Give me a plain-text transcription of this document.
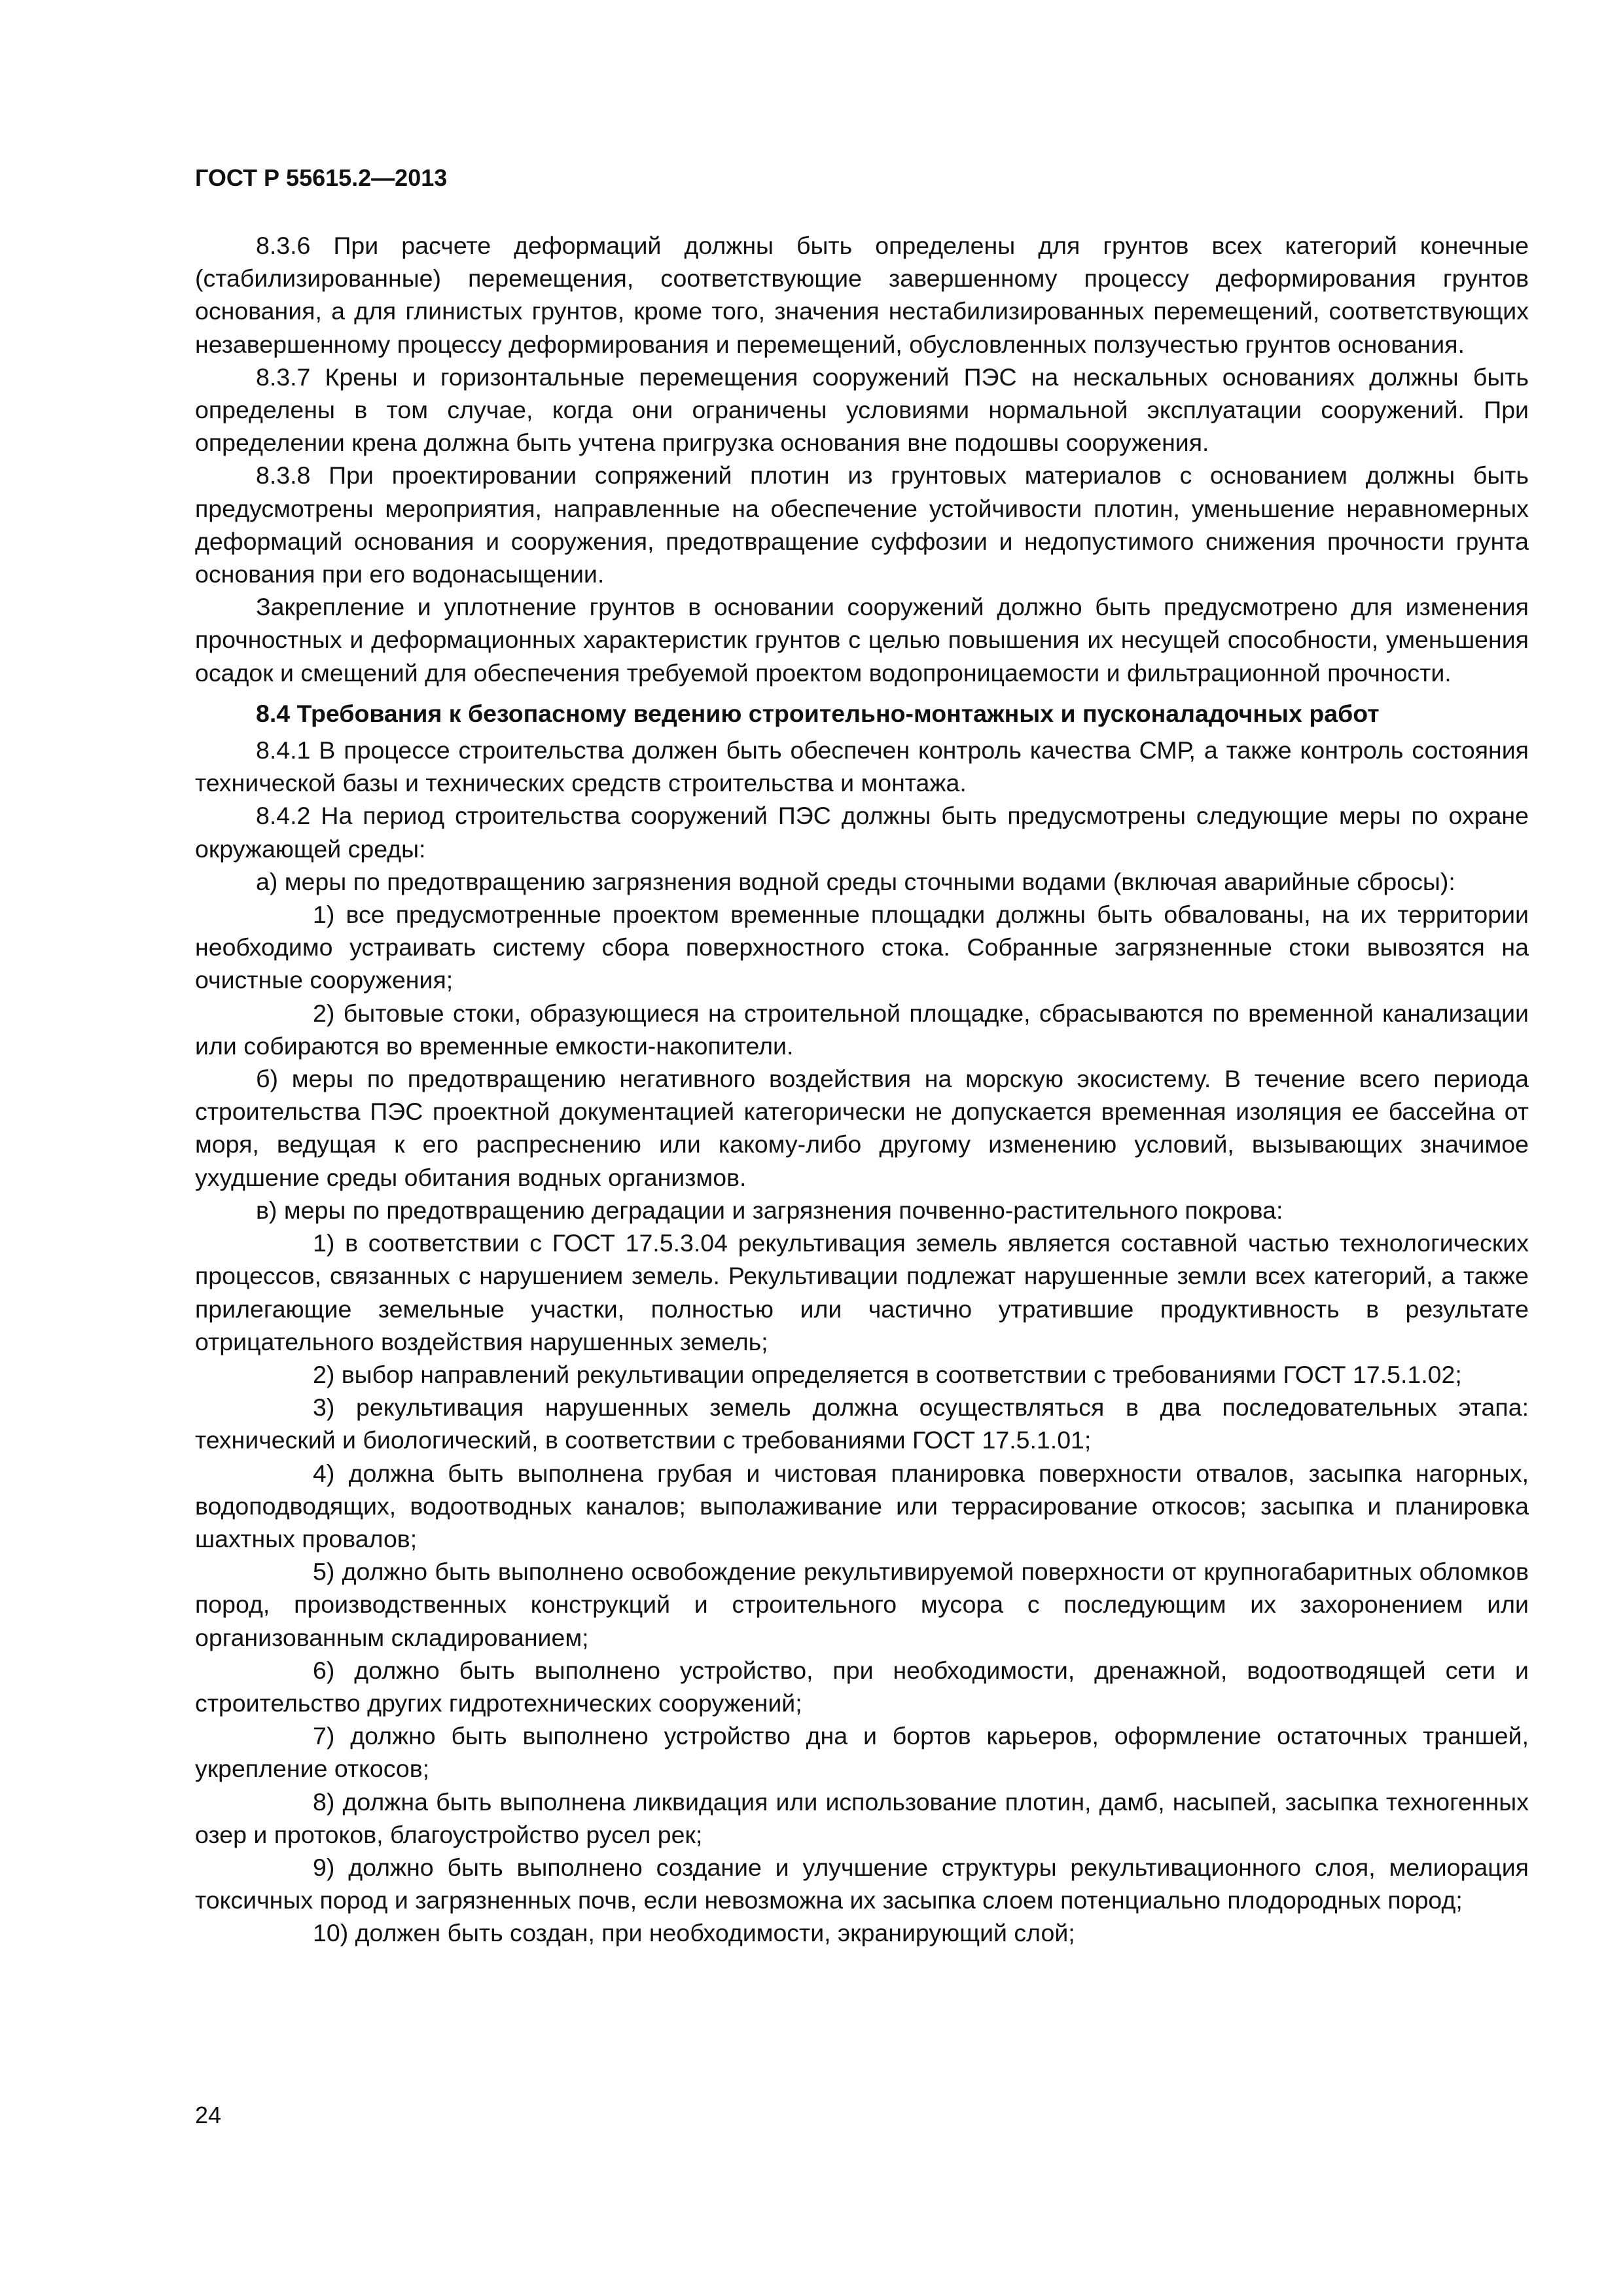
ГОСТ Р 55615.2—2013

8.3.6 При расчете деформаций должны быть определены для грунтов всех категорий конечные (стабилизированные) перемещения, соответствующие завершенному процессу деформирования грунтов основания, а для глинистых грунтов, кроме того, значения нестабилизированных перемещений, соответствующих незавершенному процессу деформирования и перемещений, обусловленных ползучестью грунтов основания.

8.3.7 Крены и горизонтальные перемещения сооружений ПЭС на нескальных основаниях должны быть определены в том случае, когда они ограничены условиями нормальной эксплуатации сооружений. При определении крена должна быть учтена пригрузка основания вне подошвы сооружения.

8.3.8 При проектировании сопряжений плотин из грунтовых материалов с основанием должны быть предусмотрены мероприятия, направленные на обеспечение устойчивости плотин, уменьшение неравномерных деформаций основания и сооружения, предотвращение суффозии и недопустимого снижения прочности грунта основания при его водонасыщении.

Закрепление и уплотнение грунтов в основании сооружений должно быть предусмотрено для изменения прочностных и деформационных характеристик грунтов с целью повышения их несущей способности, уменьшения осадок и смещений для обеспечения требуемой проектом водопроницаемости и фильтрационной прочности.

8.4 Требования к безопасному ведению строительно-монтажных и пусконаладочных работ

8.4.1 В процессе строительства должен быть обеспечен контроль качества СМР, а также контроль состояния технической базы и технических средств строительства и монтажа.

8.4.2 На период строительства сооружений ПЭС должны быть предусмотрены следующие меры по охране окружающей среды:

а) меры по предотвращению загрязнения водной среды сточными водами (включая аварийные сбросы):

1) все предусмотренные проектом временные площадки должны быть обвалованы, на их территории необходимо устраивать систему сбора поверхностного стока. Собранные загрязненные стоки вывозятся на очистные сооружения;

2) бытовые стоки, образующиеся на строительной площадке, сбрасываются по временной канализации или собираются во временные емкости-накопители.

б) меры по предотвращению негативного воздействия на морскую экосистему. В течение всего периода строительства ПЭС проектной документацией категорически не допускается временная изоляция ее бассейна от моря, ведущая к его распреснению или какому-либо другому изменению условий, вызывающих значимое ухудшение среды обитания водных организмов.

в) меры по предотвращению деградации и загрязнения почвенно-растительного покрова:

1) в соответствии с ГОСТ 17.5.3.04 рекультивация земель является составной частью технологических процессов, связанных с нарушением земель. Рекультивации подлежат нарушенные земли всех категорий, а также прилегающие земельные участки, полностью или частично утратившие продуктивность в результате отрицательного воздействия нарушенных земель;

2) выбор направлений рекультивации определяется в соответствии с требованиями ГОСТ 17.5.1.02;

3) рекультивация нарушенных земель должна осуществляться в два последовательных этапа: технический и биологический, в соответствии с требованиями ГОСТ 17.5.1.01;

4) должна быть выполнена грубая и чистовая планировка поверхности отвалов, засыпка нагорных, водоподводящих, водоотводных каналов; выполаживание или террасирование откосов; засыпка и планировка шахтных провалов;

5) должно быть выполнено освобождение рекультивируемой поверхности от крупногабаритных обломков пород, производственных конструкций и строительного мусора с последующим их захоронением или организованным складированием;

6) должно быть выполнено устройство, при необходимости, дренажной, водоотводящей сети и строительство других гидротехнических сооружений;

7) должно быть выполнено устройство дна и бортов карьеров, оформление остаточных траншей, укрепление откосов;

8) должна быть выполнена ликвидация или использование плотин, дамб, насыпей, засыпка техногенных озер и протоков, благоустройство русел рек;

9) должно быть выполнено создание и улучшение структуры рекультивационного слоя, мелиорация токсичных пород и загрязненных почв, если невозможна их засыпка слоем потенциально плодородных пород;

10) должен быть создан, при необходимости, экранирующий слой;

24
